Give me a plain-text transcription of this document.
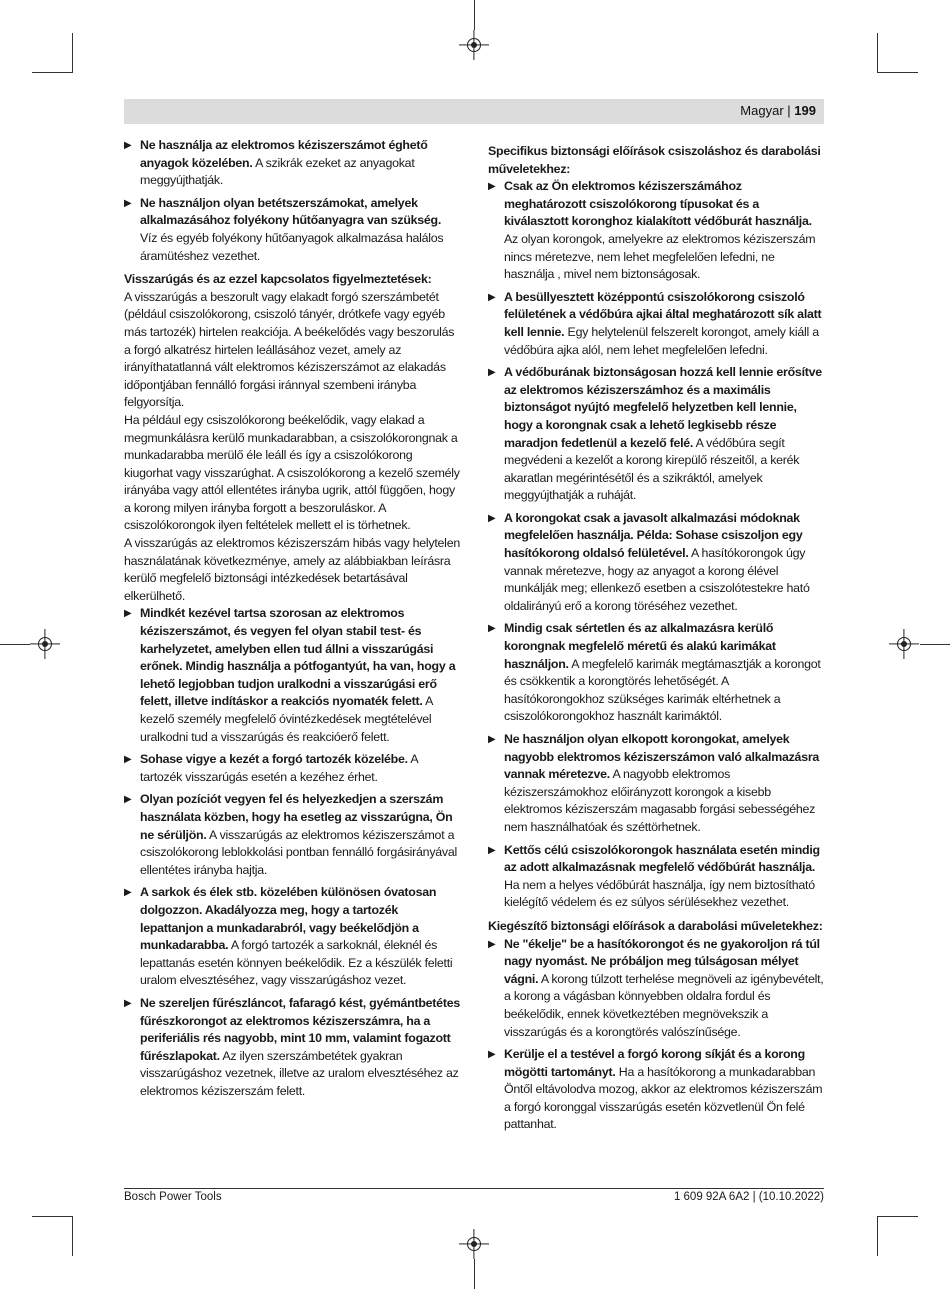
Magyar | 199

▶ Ne használja az elektromos kéziszerszámot éghető anyagok közelében. A szikrák ezeket az anyagokat meggyújthatják.

▶ Ne használjon olyan betétszerszámokat, amelyek alkalmazásához folyékony hűtőanyagra van szükség. Víz és egyéb folyékony hűtőanyagok alkalmazása halálos áramütéshez vezethet.

Visszarúgás és az ezzel kapcsolatos figyelmeztetések:

A visszarúgás a beszorult vagy elakadt forgó szerszámbetét (például csiszolókorong, csiszoló tányér, drótkefe vagy egyéb más tartozék) hirtelen reakciója. A beékelődés vagy beszorulás a forgó alkatrész hirtelen leállásához vezet, amely az irányíthatatlanná vált elektromos kéziszerszámot az elakadás időpontjában fennálló forgási iránnyal szembeni irányba felgyorsítja.

Ha például egy csiszolókorong beékelődik, vagy elakad a megmunkálásra kerülő munkadarabban, a csiszolókorongnak a munkadarabba merülő éle leáll és így a csiszolókorong kiugorhat vagy visszarúghat. A csiszolókorong a kezelő személy irányába vagy attól ellentétes irányba ugrik, attól függően, hogy a korong milyen irányba forgott a beszoruláskor. A csiszolókorongok ilyen feltételek mellett el is törhetnek.

A visszarúgás az elektromos kéziszerszám hibás vagy helytelen használatának következménye, amely az alábbiakban leírásra kerülő megfelelő biztonsági intézkedések betartásával elkerülhető.

▶ Mindkét kezével tartsa szorosan az elektromos kéziszerszámot, és vegyen fel olyan stabil test- és karhelyzetet, amelyben ellen tud állni a visszarúgási erőnek. Mindig használja a pótfogantyút, ha van, hogy a lehető legjobban tudjon uralkodni a visszarúgási erő felett, illetve indításkor a reakciós nyomaték felett. A kezelő személy megfelelő óvintézkedések megtételével uralkodni tud a visszarúgás és reakcióerő felett.

▶ Sohase vigye a kezét a forgó tartozék közelébe. A tartozék visszarúgás esetén a kezéhez érhet.

▶ Olyan pozíciót vegyen fel és helyezkedjen a szerszám használata közben, hogy ha esetleg az visszarúgna, Ön ne sérüljön. A visszarúgás az elektromos kéziszerszámot a csiszolókorong leblokkolási pontban fennálló forgásirányával ellentétes irányba hajtja.

▶ A sarkok és élek stb. közelében különösen óvatosan dolgozzon. Akadályozza meg, hogy a tartozék lepattanjon a munkadarabról, vagy beékelődjön a munkadarabba. A forgó tartozék a sarkoknál, éleknél és lepattanás esetén könnyen beékelődik. Ez a készülék feletti uralom elvesztéséhez, vagy visszarúgáshoz vezet.

▶ Ne szereljen fűrészláncot, fafaragó kést, gyémántbetétes fűrészkorongot az elektromos kéziszerszámra, ha a periferiális rés nagyobb, mint 10 mm, valamint fogazott fűrészlapokat. Az ilyen szerszámbetétek gyakran visszarúgáshoz vezetnek, illetve az uralom elvesztéséhez az elektromos kéziszerszám felett.

Specifikus biztonsági előírások csiszoláshoz és darabolási műveletekhez:

▶ Csak az Ön elektromos kéziszerszámához meghatározott csiszolókorong típusokat és a kiválasztott koronghoz kialakított védőburát használja. Az olyan korongok, amelyekre az elektromos kéziszerszám nincs méretezve, nem lehet megfelelően lefedni, ne használja , mivel nem biztonságosak.

▶ A besüllyesztett középpontú csiszolókorong csiszoló felületének a védőbúra ajkai által meghatározott sík alatt kell lennie. Egy helytelenül felszerelt korongot, amely kiáll a védőbúra ajka alól, nem lehet megfelelően lefedni.

▶ A védőburának biztonságosan hozzá kell lennie erősítve az elektromos kéziszerszámhoz és a maximális biztonságot nyújtó megfelelő helyzetben kell lennie, hogy a korongnak csak a lehető legkisebb része maradjon fedetlenül a kezelő felé. A védőbúra segít megvédeni a kezelőt a korong kirepülő részeitől, a kerék akaratlan megérintésétől és a szikráktól, amelyek meggyújthatják a ruháját.

▶ A korongokat csak a javasolt alkalmazási módoknak megfelelően használja. Példa: Sohase csiszoljon egy hasítókorong oldalsó felületével. A hasítókorongok úgy vannak méretezve, hogy az anyagot a korong élével munkálják meg; ellenkező esetben a csiszolótestekre ható oldalirányú erő a korong töréséhez vezethet.

▶ Mindig csak sértetlen és az alkalmazásra kerülő korongnak megfelelő méretű és alakú karimákat használjon. A megfelelő karimák megtámasztják a korongot és csökkentik a korongtörés lehetőségét. A hasítókorongokhoz szükséges karimák eltérhetnek a csiszolókorongokhoz használt karimáktól.

▶ Ne használjon olyan elkopott korongokat, amelyek nagyobb elektromos kéziszerszámon való alkalmazásra vannak méretezve. A nagyobb elektromos kéziszerszámokhoz előirányzott korongok a kisebb elektromos kéziszerszám magasabb forgási sebességéhez nem használhatóak és széttörhetnek.

▶ Kettős célú csiszolókorongok használata esetén mindig az adott alkalmazásnak megfelelő védőbúrát használja. Ha nem a helyes védőbúrát használja, így nem biztosítható kielégítő védelem és ez súlyos sérülésekhez vezethet.

Kiegészítő biztonsági előírások a darabolási műveletekhez:

▶ Ne "ékelje" be a hasítókorongot és ne gyakoroljon rá túl nagy nyomást. Ne próbáljon meg túlságosan mélyet vágni. A korong túlzott terhelése megnöveli az igénybevételt, a korong a vágásban könnyebben oldalra fordul és beékelődik, ennek következtében megnövekszik a visszarúgás és a korongtörés valószínűsége.

▶ Kerülje el a testével a forgó korong síkját és a korong mögötti tartományt. Ha a hasítókorong a munkadarabban Öntől eltávolodva mozog, akkor az elektromos kéziszerszám a forgó koronggal visszarúgás esetén közvetlenül Ön felé pattanhat.

Bosch Power Tools	1 609 92A 6A2 | (10.10.2022)
